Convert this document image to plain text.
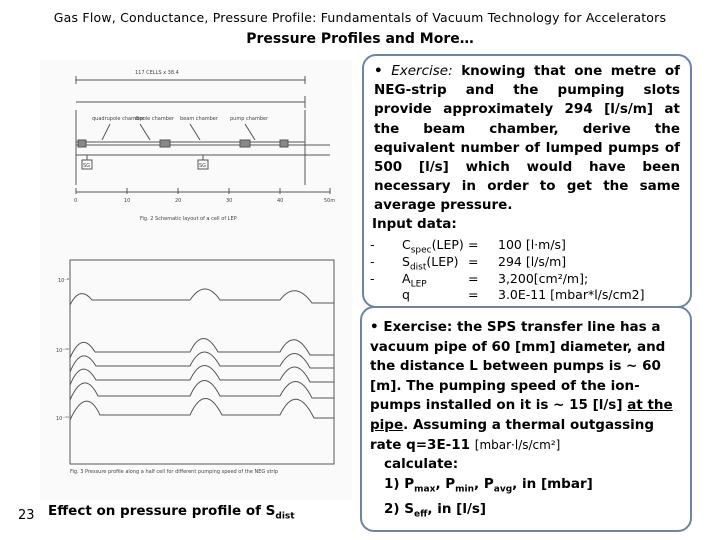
Gas Flow, Conductance, Pressure Profile: Fundamentals of Vacuum Technology for Accelerators
Pressure Profiles and More…
117 CELLS x 38.4
quadrupole chamber
dipole chamber beam chamber pump chamber
SG	SG
0	10	20	30	40	50m
Fig. 2 Schematic layout of a cell of LEP
10⁻⁹
10⁻¹⁰
10⁻¹¹
Fig. 3 Pressure profile along a half cell for different pumping speed of the NEG strip
• Exercise: knowing that one metre of NEG-strip and the pumping slots provide approximately 294 [l/s/m] at the beam chamber, derive the equivalent number of lumped pumps of 500 [l/s] which would have been necessary in order to get the same average pressure.
Input data:
- $C_{spec}(LEP) = 100$ [l·m/s]
- $S_{dist}(LEP) = 294$ [l/s/m]
- $A_{LEP}$	= 3,200[cm²/m];
q	= 3.0E-11 [mbar*l/s/cm2]
• Exercise: the SPS transfer line has a vacuum pipe of 60 [mm] diameter, and the distance L between pumps is ~ 60 [m]. The pumping speed of the ion-pumps installed on it is ~ 15 [l/s] at the pipe. Assuming a thermal outgassing rate q=3E-11 [mbar·l/s/cm²]
calculate:
1) $P_{max}$, $P_{min}$, $P_{avg}$, in [mbar]
2) $S_{eff}$, in [l/s]
23 Effect on pressure profile of $S_{dist}$
